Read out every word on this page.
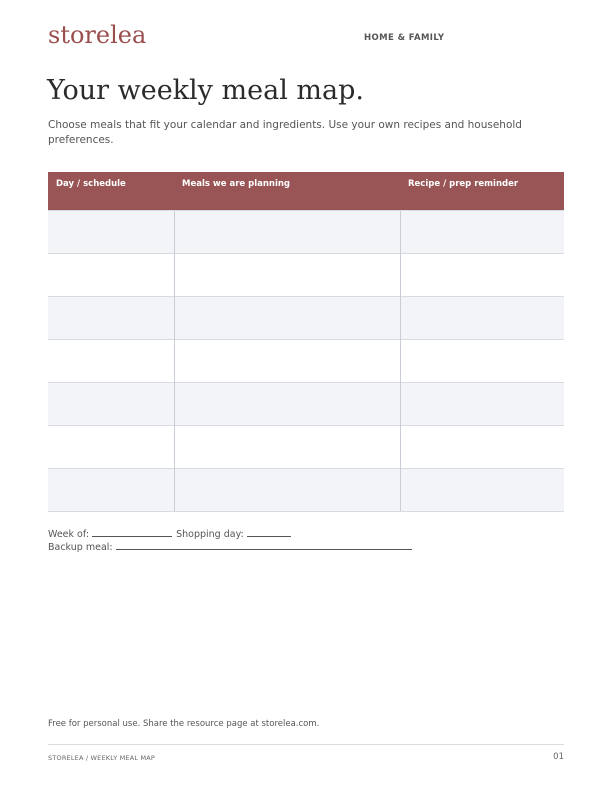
storelea	HOME & FAMILY
Your weekly meal map.

Choose meals that fit your calendar and ingredients. Use your own recipes and household preferences.

Day / schedule	Meals we are planning	Recipe / prep reminder

Week of:	Shopping day:
Backup meal:
Free for personal use. Share the resource page at storelea.com.
STORELEA / WEEKLY MEAL MAP	01
